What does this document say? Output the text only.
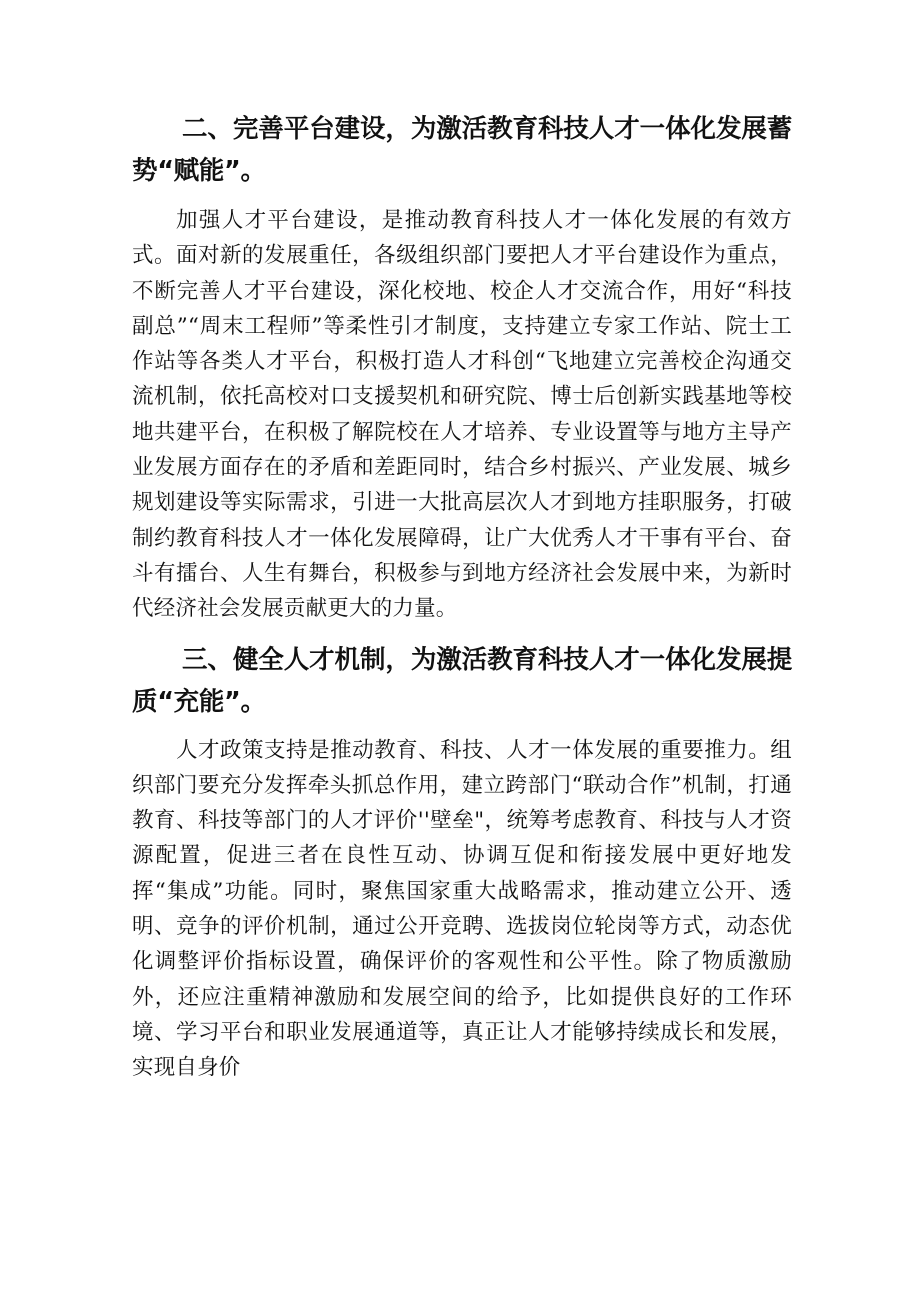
二、完善平台建设，为激活教育科技人才一体化发展蓄势“赋能”。

加强人才平台建设，是推动教育科技人才一体化发展的有效方式。面对新的发展重任，各级组织部门要把人才平台建设作为重点，不断完善人才平台建设，深化校地、校企人才交流合作，用好“科技副总”“周末工程师”等柔性引才制度，支持建立专家工作站、院士工作站等各类人才平台，积极打造人才科创“飞地建立完善校企沟通交流机制，依托高校对口支援契机和研究院、博士后创新实践基地等校地共建平台，在积极了解院校在人才培养、专业设置等与地方主导产业发展方面存在的矛盾和差距同时，结合乡村振兴、产业发展、城乡规划建设等实际需求，引进一大批高层次人才到地方挂职服务，打破制约教育科技人才一体化发展障碍，让广大优秀人才干事有平台、奋斗有擂台、人生有舞台，积极参与到地方经济社会发展中来，为新时代经济社会发展贡献更大的力量。

三、健全人才机制，为激活教育科技人才一体化发展提质“充能”。

人才政策支持是推动教育、科技、人才一体发展的重要推力。组织部门要充分发挥牵头抓总作用，建立跨部门“联动合作”机制，打通教育、科技等部门的人才评价''壁垒"，统筹考虑教育、科技与人才资源配置，促进三者在良性互动、协调互促和衔接发展中更好地发挥“集成”功能。同时，聚焦国家重大战略需求，推动建立公开、透明、竞争的评价机制，通过公开竞聘、选拔岗位轮岗等方式，动态优化调整评价指标设置，确保评价的客观性和公平性。除了物质激励外，还应注重精神激励和发展空间的给予，比如提供良好的工作环境、学习平台和职业发展通道等，真正让人才能够持续成长和发展，实现自身价
